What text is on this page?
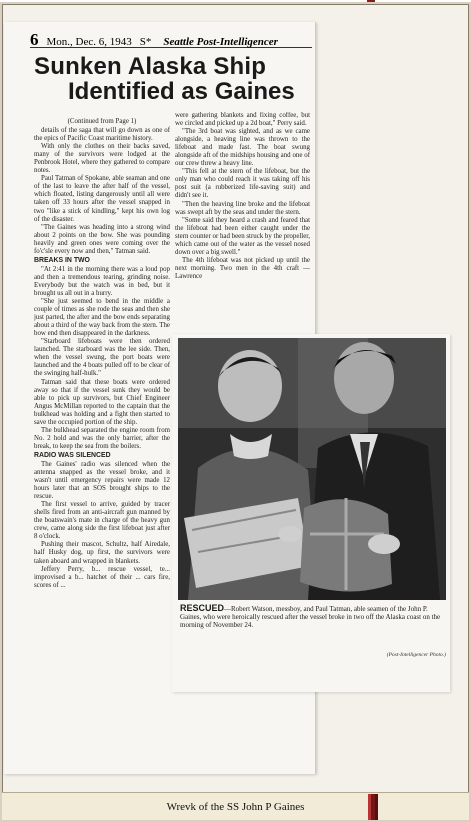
6 Mon., Dec. 6, 1943 S* Seattle Post-Intelligencer
Sunken Alaska Ship
Identified as Gaines

(Continued from Page 1)

details of the saga that will go down as one of the epics of Pacific Coast maritime history.

With only the clothes on their backs saved, many of the survivors were lodged at the Penbrook Hotel, where they gathered to compare notes.

Paul Tatman of Spokane, able seaman and one of the last to leave the after half of the vessel, which floated, listing dangerously until all were taken off 33 hours after the vessel snapped in two "like a stick of kindling," kept his own log of the disaster.

"The Gaines was heading into a strong wind about 2 points on the bow. She was pounding heavily and green ones were coming over the fo'c'sle every now and then," Tatman said.

BREAKS IN TWO

"At 2:41 in the morning there was a loud pop and then a tremendous tearing, grinding noise. Everybody but the watch was in bed, but it brought us all out in a hurry.

"She just seemed to bend in the middle a couple of times as she rode the seas and then she just parted, the after and the bow ends separating about a third of the way back from the stern. The bow end then disappeared in the darkness.

"Starboard lifeboats were then ordered launched. The starboard was the lee side. Then, when the vessel swung, the port boats were launched and the 4 boats pulled off to be clear of the swinging half-hulk."

Tatman said that these boats were ordered away so that if the vessel sunk they would be able to pick up survivors, but Chief Engineer Angus McMillan reported to the captain that the bulkhead was holding and a fight then started to save the occupied portion of the ship.

The bulkhead separated the engine room from No. 2 hold and was the only barrier, after the break, to keep the sea from the boilers.

RADIO WAS SILENCED

The Gaines' radio was silenced when the antenna snapped as the vessel broke, and it wasn't until emergency repairs were made 12 hours later that an SOS brought ships to the rescue.

The first vessel to arrive, guided by tracer shells fired from an anti-aircraft gun manned by the boatswain's mate in charge of the heavy gun crew, came along side the first lifeboat just after 8 o'clock.

Pushing their mascot, Schultz, half Airedale, half Husky dog, up first, the survivors were taken aboard and wrapped in blankets.

Jeffery Perry, b... rescue vessel, te... improvised a b... hatchet of their ... cars fire, scores of ...

were gathering blankets and fixing coffee, but we circled and picked up a 2d boat," Perry said.

"The 3rd boat was sighted, and as we came alongside, a heaving line was thrown to the lifeboat and made fast. The boat swung alongside aft of the midships housing and one of our crew threw a heavy line.

"This fell at the stern of the lifeboat, but the only man who could reach it was taking off his post suit (a rubberized life-saving suit) and didn't see it.

"Then the heaving line broke and the lifeboat was swept aft by the seas and under the stern.

"Some said they heard a crash and feared that the lifeboat had been either caught under the stern counter or had been struck by the propeller, which came out of the water as the vessel nosed down over a big swell."

The 4th lifeboat was not picked up until the next morning. Two men in the 4th craft — Lawrence

RESCUED—Robert Watson, messboy, and Paul Tatman, able seamen of the John P. Gaines, who were heroically rescued after the vessel broke in two off the Alaska coast on the morning of November 24.
(Post-Intelligencer Photo.)
Wrevk of the SS John P Gaines
